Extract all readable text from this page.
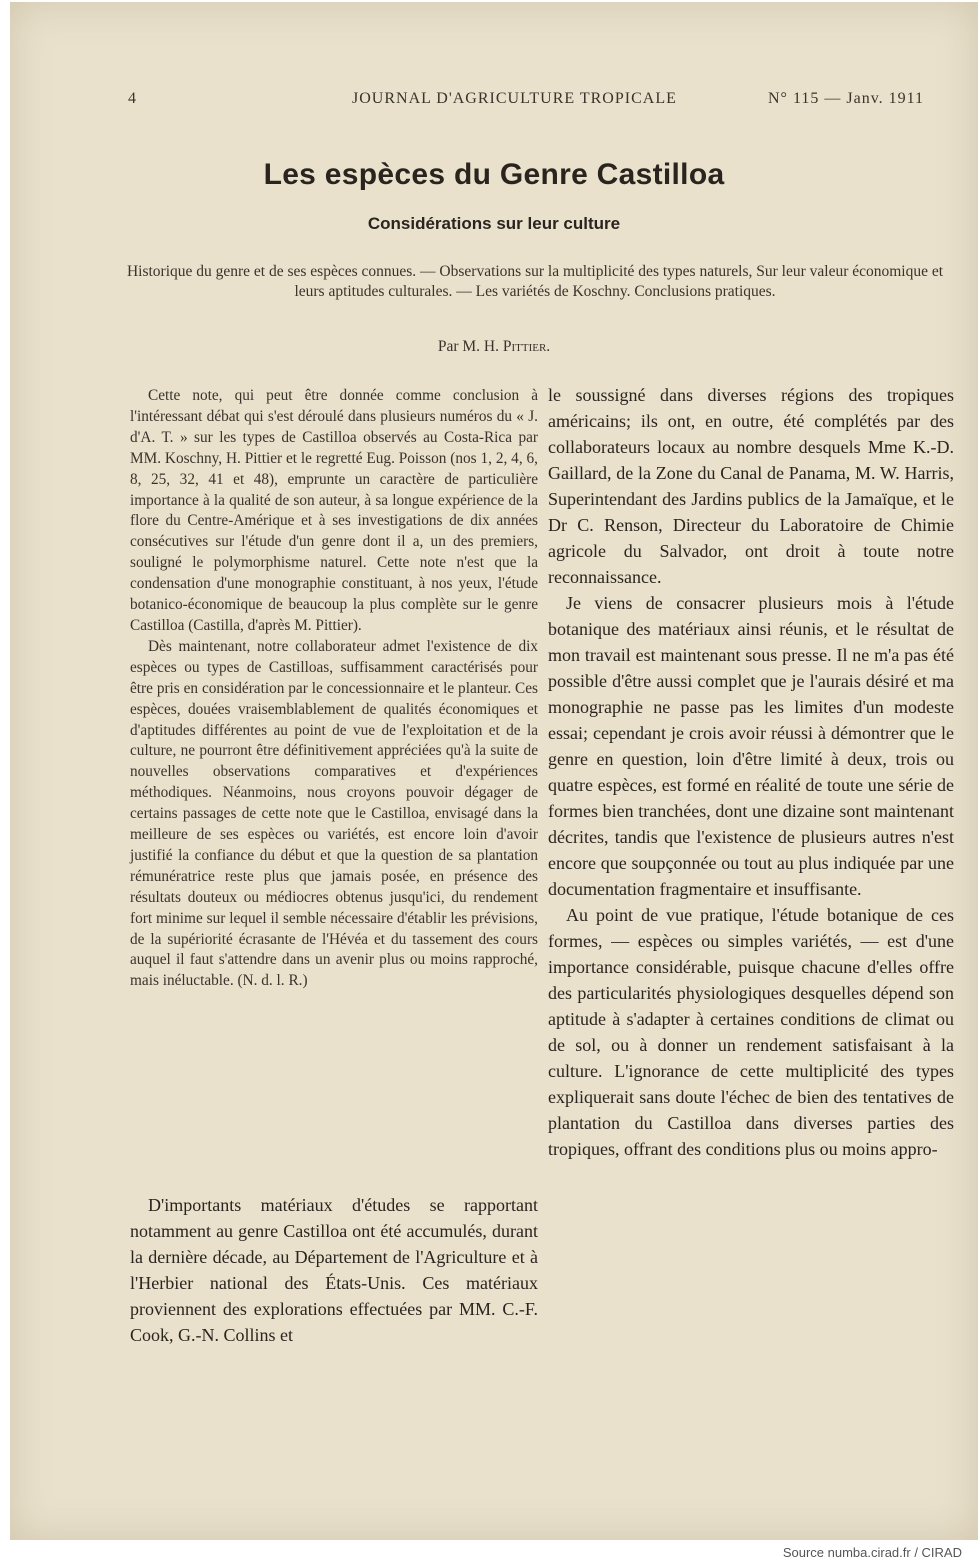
4	JOURNAL D'AGRICULTURE TROPICALE	N° 115 — Janv. 1911
Les espèces du Genre Castilloa
Considérations sur leur culture
Historique du genre et de ses espèces connues. — Observations sur la multiplicité des types naturels, Sur leur valeur économique et leurs aptitudes culturales. — Les variétés de Koschny. Conclusions pratiques.
Par M. H. Pittier.

Cette note, qui peut être donnée comme conclusion à l'intéressant débat qui s'est déroulé dans plusieurs numéros du « J. d'A. T. » sur les types de Castilloa observés au Costa-Rica par MM. Koschny, H. Pittier et le regretté Eug. Poisson (nos 1, 2, 4, 6, 8, 25, 32, 41 et 48), emprunte un caractère de particulière importance à la qualité de son auteur, à sa longue expérience de la flore du Centre-Amérique et à ses investigations de dix années consécutives sur l'étude d'un genre dont il a, un des premiers, souligné le polymorphisme naturel. Cette note n'est que la condensation d'une monographie constituant, à nos yeux, l'étude botanico-économique de beaucoup la plus complète sur le genre Castilloa (Castilla, d'après M. Pittier).

Dès maintenant, notre collaborateur admet l'existence de dix espèces ou types de Castilloas, suffisamment caractérisés pour être pris en considération par le concessionnaire et le planteur. Ces espèces, douées vraisemblablement de qualités économiques et d'aptitudes différentes au point de vue de l'exploitation et de la culture, ne pourront être définitivement appréciées qu'à la suite de nouvelles observations comparatives et d'expériences méthodiques. Néanmoins, nous croyons pouvoir dégager de certains passages de cette note que le Castilloa, envisagé dans la meilleure de ses espèces ou variétés, est encore loin d'avoir justifié la confiance du début et que la question de sa plantation rémunératrice reste plus que jamais posée, en présence des résultats douteux ou médiocres obtenus jusqu'ici, du rendement fort minime sur lequel il semble nécessaire d'établir les prévisions, de la supériorité écrasante de l'Hévéa et du tassement des cours auquel il faut s'attendre dans un avenir plus ou moins rapproché, mais inéluctable. (N. d. l. R.)

D'importants matériaux d'études se rapportant notamment au genre Castilloa ont été accumulés, durant la dernière décade, au Département de l'Agriculture et à l'Herbier national des États-Unis. Ces matériaux proviennent des explorations effectuées par MM. C.-F. Cook, G.-N. Collins et

le soussigné dans diverses régions des tropiques américains; ils ont, en outre, été complétés par des collaborateurs locaux au nombre desquels Mme K.-D. Gaillard, de la Zone du Canal de Panama, M. W. Harris, Superintendant des Jardins publics de la Jamaïque, et le Dr C. Renson, Directeur du Laboratoire de Chimie agricole du Salvador, ont droit à toute notre reconnaissance.

Je viens de consacrer plusieurs mois à l'étude botanique des matériaux ainsi réunis, et le résultat de mon travail est maintenant sous presse. Il ne m'a pas été possible d'être aussi complet que je l'aurais désiré et ma monographie ne passe pas les limites d'un modeste essai; cependant je crois avoir réussi à démontrer que le genre en question, loin d'être limité à deux, trois ou quatre espèces, est formé en réalité de toute une série de formes bien tranchées, dont une dizaine sont maintenant décrites, tandis que l'existence de plusieurs autres n'est encore que soupçonnée ou tout au plus indiquée par une documentation fragmentaire et insuffisante.

Au point de vue pratique, l'étude botanique de ces formes, — espèces ou simples variétés, — est d'une importance considérable, puisque chacune d'elles offre des particularités physiologiques desquelles dépend son aptitude à s'adapter à certaines conditions de climat ou de sol, ou à donner un rendement satisfaisant à la culture. L'ignorance de cette multiplicité des types expliquerait sans doute l'échec de bien des tentatives de plantation du Castilloa dans diverses parties des tropiques, offrant des conditions plus ou moins appro-

Source numba.cirad.fr / CIRAD
